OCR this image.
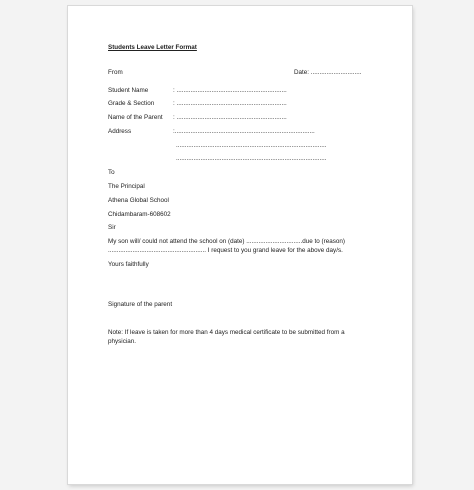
Students Leave Letter Format
From	Date: .............................
Student Name	: ...............................................................
Grade & Section	: ...............................................................
Name of the Parent : ...............................................................
Address	:................................................................................
......................................................................................
......................................................................................
To
The Principal
Athena Global School
Chidambaram-608602
Sir
My son will/ could not attend the school on (date) ................................due to (reason)
........................................................ I request to you grand leave for the above day/s.
Yours faithfully
Signature of the parent
Note: If leave is taken for more than 4 days medical certificate to be submitted from a
physician.
